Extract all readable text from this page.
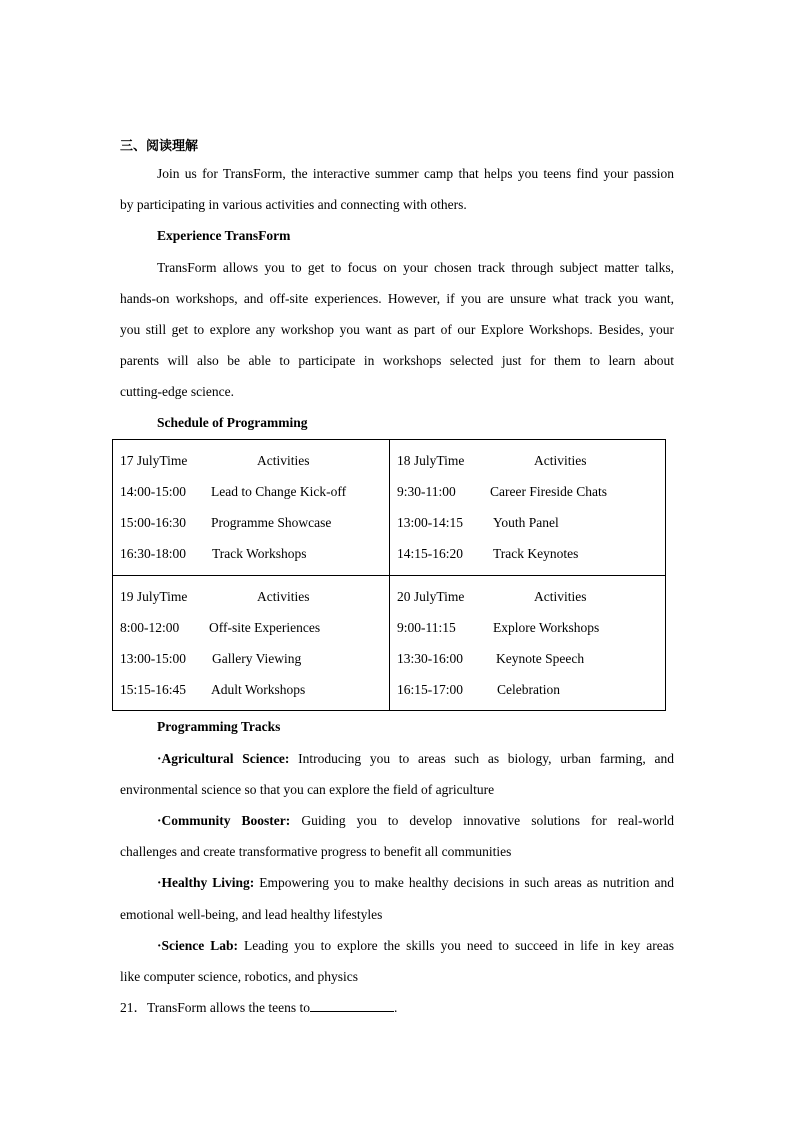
三、阅读理解
Join us for TransForm, the interactive summer camp that helps you teens find your passion
by participating in various activities and connecting with others.
Experience TransForm
TransForm allows you to get to focus on your chosen track through subject matter talks,
hands-on workshops, and off-site experiences. However, if you are unsure what track you want,
you still get to explore any workshop you want as part of our Explore Workshops. Besides, your
parents will also be able to participate in workshops selected just for them to learn about
cutting-edge science.
Schedule of Programming
17 JulyTime	Activities
14:00-15:00 Lead to Change Kick-off
15:00-16:30 Programme Showcase
16:30-18:00 Track Workshops
18 JulyTime	Activities
9:30-11:00	Career Fireside Chats
13:00-14:15 Youth Panel
14:15-16:20 Track Keynotes
19 JulyTime	Activities
8:00-12:00 Off-site Experiences
13:00-15:00 Gallery Viewing
15:15-16:45 Adult Workshops
20 JulyTime	Activities
9:00-11:15	Explore Workshops
13:30-16:00 Keynote Speech
16:15-17:00	Celebration
Programming Tracks
·Agricultural Science: Introducing you to areas such as biology, urban farming, and
environmental science so that you can explore the field of agriculture
·Community Booster: Guiding you to develop innovative solutions for real-world
challenges and create transformative progress to benefit all communities
·Healthy Living: Empowering you to make healthy decisions in such areas as nutrition and
emotional well-being, and lead healthy lifestyles
·Science Lab: Leading you to explore the skills you need to succeed in life in key areas
like computer science, robotics, and physics
21．TransForm allows the teens to	.
